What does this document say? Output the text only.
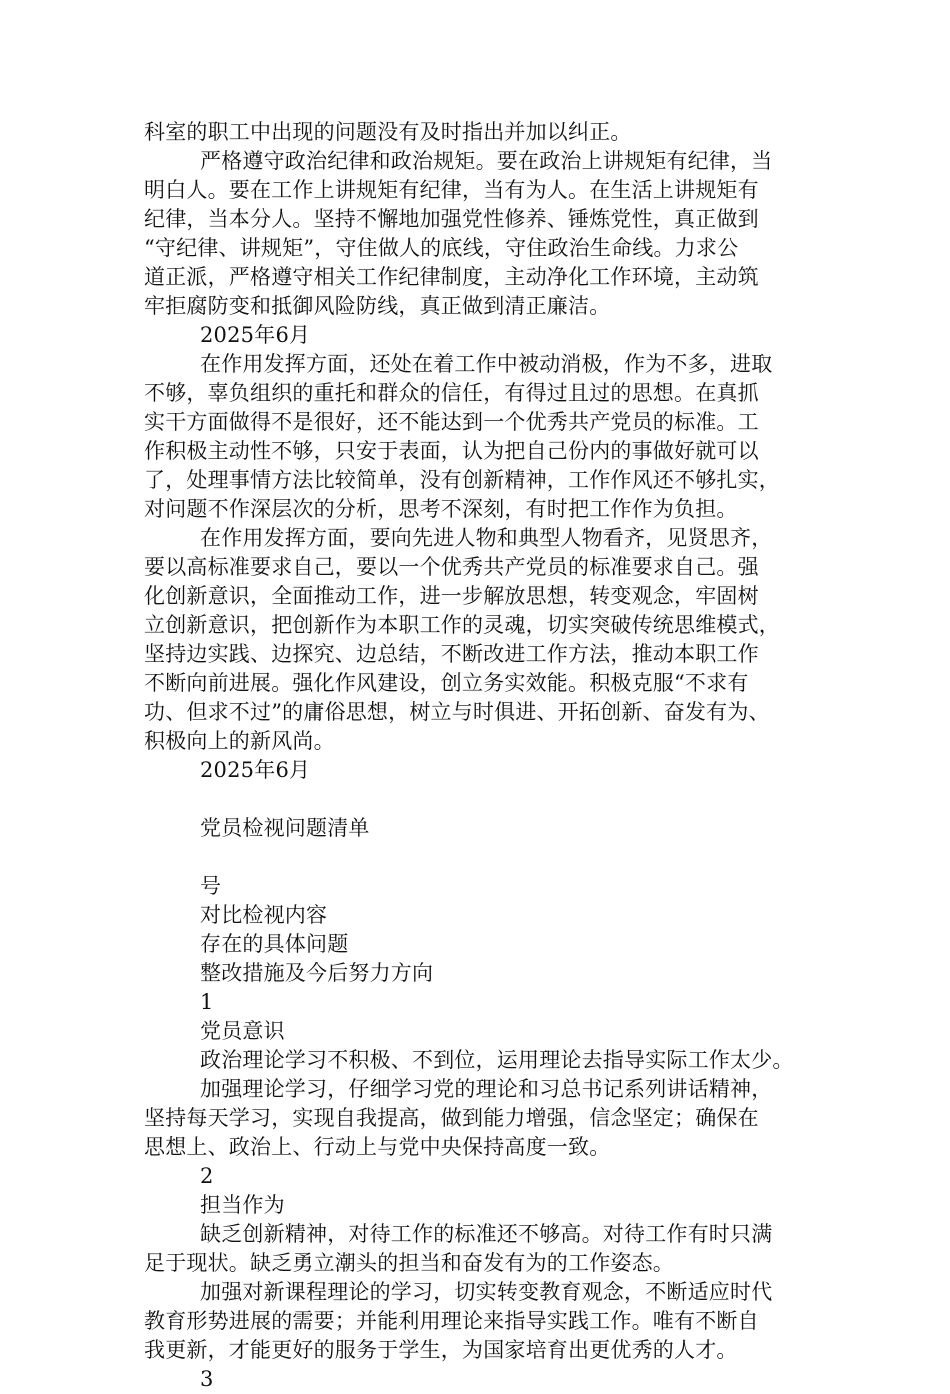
科室的职工中出现的问题没有及时指出并加以纠正。
严格遵守政治纪律和政治规矩。要在政治上讲规矩有纪律，当
明白人。要在工作上讲规矩有纪律，当有为人。在生活上讲规矩有
纪律，当本分人。坚持不懈地加强党性修养、锤炼党性，真正做到
“守纪律、讲规矩”，守住做人的底线，守住政治生命线。力求公
道正派，严格遵守相关工作纪律制度，主动净化工作环境，主动筑
牢拒腐防变和抵御风险防线，真正做到清正廉洁。
2025年6月
在作用发挥方面，还处在着工作中被动消极，作为不多，进取
不够，辜负组织的重托和群众的信任，有得过且过的思想。在真抓
实干方面做得不是很好，还不能达到一个优秀共产党员的标准。工
作积极主动性不够，只安于表面，认为把自己份内的事做好就可以
了，处理事情方法比较简单，没有创新精神，工作作风还不够扎实，
对问题不作深层次的分析，思考不深刻，有时把工作作为负担。
在作用发挥方面，要向先进人物和典型人物看齐，见贤思齐，
要以高标准要求自己，要以一个优秀共产党员的标准要求自己。强
化创新意识，全面推动工作，进一步解放思想，转变观念，牢固树
立创新意识，把创新作为本职工作的灵魂，切实突破传统思维模式，
坚持边实践、边探究、边总结，不断改进工作方法，推动本职工作
不断向前进展。强化作风建设，创立务实效能。积极克服“不求有
功、但求不过”的庸俗思想，树立与时俱进、开拓创新、奋发有为、
积极向上的新风尚。
2025年6月
党员检视问题清单
号
对比检视内容
存在的具体问题
整改措施及今后努力方向
1
党员意识
政治理论学习不积极、不到位，运用理论去指导实际工作太少。
加强理论学习，仔细学习党的理论和习总书记系列讲话精神，
坚持每天学习，实现自我提高，做到能力增强，信念坚定；确保在
思想上、政治上、行动上与党中央保持高度一致。
2
担当作为
缺乏创新精神，对待工作的标准还不够高。对待工作有时只满
足于现状。缺乏勇立潮头的担当和奋发有为的工作姿态。
加强对新课程理论的学习，切实转变教育观念，不断适应时代
教育形势进展的需要；并能利用理论来指导实践工作。唯有不断自
我更新，才能更好的服务于学生，为国家培育出更优秀的人才。
3
